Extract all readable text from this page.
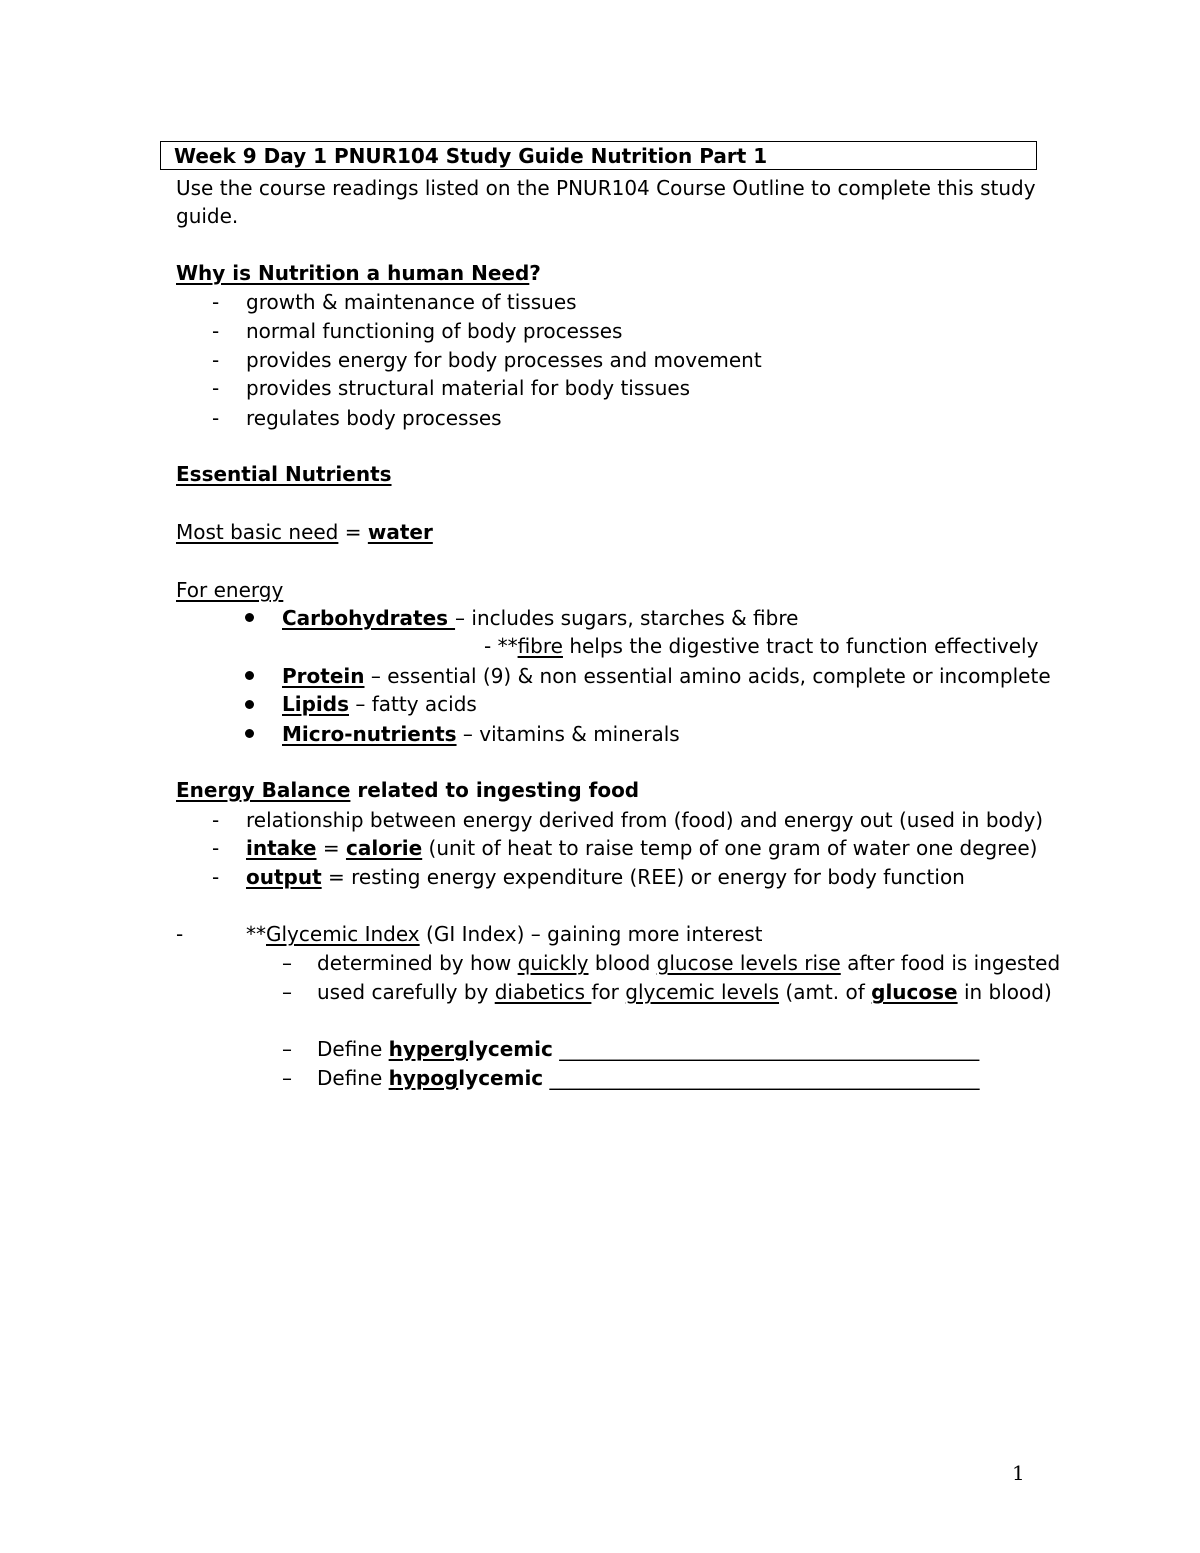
Week 9 Day 1 PNUR104 Study Guide Nutrition Part 1
Use the course readings listed on the PNUR104 Course Outline to complete this study
guide.
Why is Nutrition a human Need?
- growth & maintenance of tissues
- normal functioning of body processes
- provides energy for body processes and movement
- provides structural material for body tissues
- regulates body processes
Essential Nutrients
Most basic need = water
For energy
Carbohydrates – includes sugars, starches & fibre
- **fibre helps the digestive tract to function effectively
Protein – essential (9) & non essential amino acids, complete or incomplete
Lipids – fatty acids
Micro-nutrients – vitamins & minerals
Energy Balance related to ingesting food
- relationship between energy derived from (food) and energy out (used in body)
- intake = calorie (unit of heat to raise temp of one gram of water one degree)
- output = resting energy expenditure (REE) or energy for body function
-	**Glycemic Index (GI Index) – gaining more interest
– determined by how quickly blood glucose levels rise after food is ingested
– used carefully by diabetics for glycemic levels (amt. of glucose in blood)
– Define hyperglycemic __________________________________________
– Define hypoglycemic ___________________________________________
1
